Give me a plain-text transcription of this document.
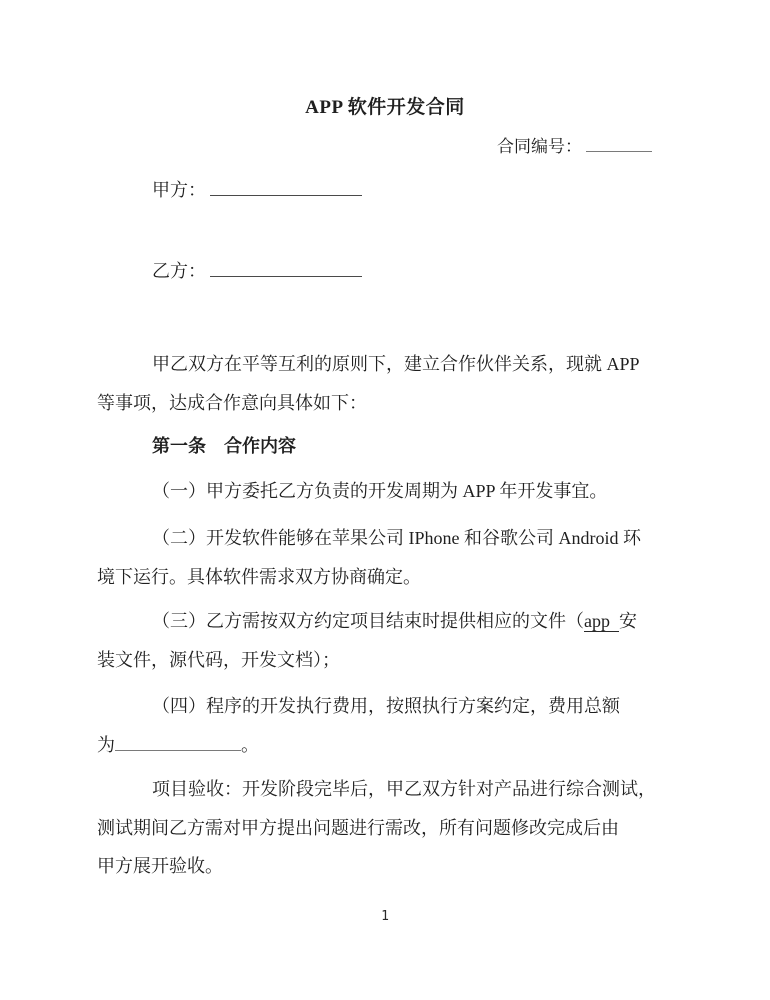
APP 软件开发合同
合同编号：
甲方：
乙方：
甲乙双方在平等互利的原则下，建立合作伙伴关系，现就 APP
等事项，达成合作意向具体如下：
第一条　合作内容
（一）甲方委托乙方负责的开发周期为 APP 年开发事宜。
（二）开发软件能够在苹果公司 IPhone 和谷歌公司 Android 环
境下运行。具体软件需求双方协商确定。
（三）乙方需按双方约定项目结束时提供相应的文件（app 安
装文件，源代码，开发文档）；
（四）程序的开发执行费用，按照执行方案约定，费用总额
为	。
项目验收：开发阶段完毕后，甲乙双方针对产品进行综合测试，
测试期间乙方需对甲方提出问题进行需改，所有问题修改完成后由
甲方展开验收。
1
